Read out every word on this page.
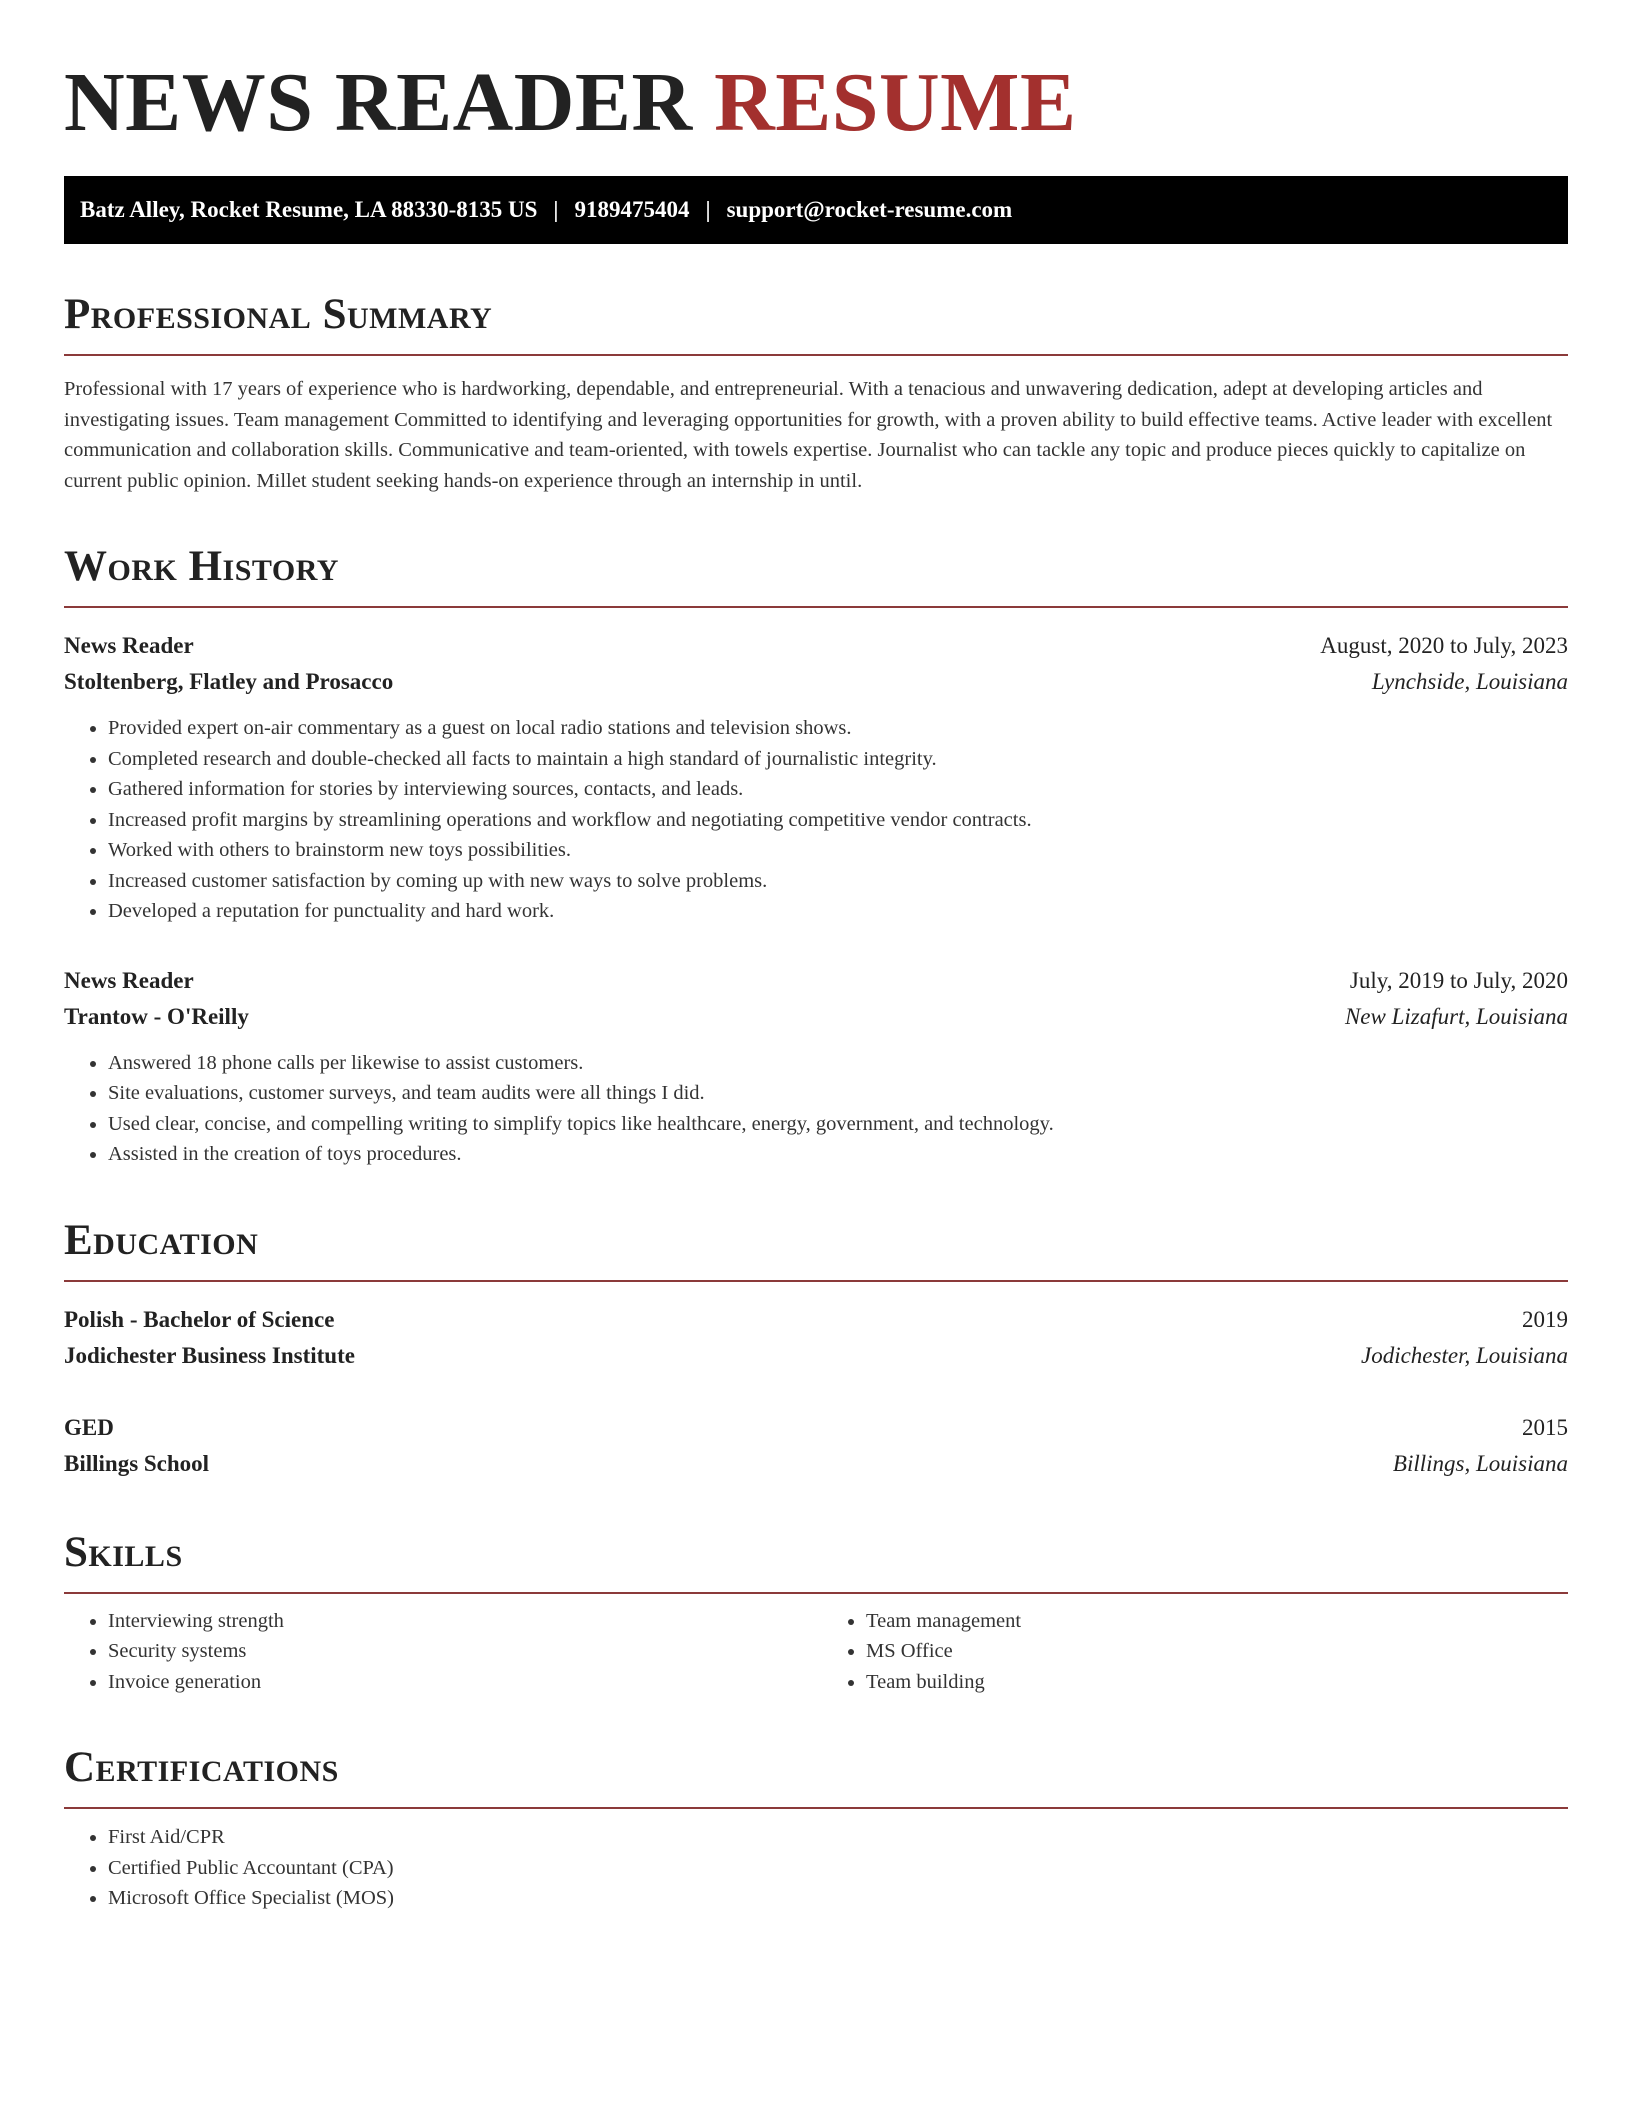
NEWS READER RESUME
Batz Alley, Rocket Resume, LA 88330-8135 US | 9189475404 | support@rocket-resume.com
Professional Summary

Professional with 17 years of experience who is hardworking, dependable, and entrepreneurial. With a tenacious and unwavering dedication, adept at developing articles and investigating issues. Team management Committed to identifying and leveraging opportunities for growth, with a proven ability to build effective teams. Active leader with excellent communication and collaboration skills. Communicative and team-oriented, with towels expertise. Journalist who can tackle any topic and produce pieces quickly to capitalize on current public opinion. Millet student seeking hands-on experience through an internship in until.

Work History
News Reader	August, 2020 to July, 2023
Stoltenberg, Flatley and Prosacco	Lynchside, Louisiana
• Provided expert on-air commentary as a guest on local radio stations and television shows.
• Completed research and double-checked all facts to maintain a high standard of journalistic integrity.
• Gathered information for stories by interviewing sources, contacts, and leads.
• Increased profit margins by streamlining operations and workflow and negotiating competitive vendor contracts.
• Worked with others to brainstorm new toys possibilities.
• Increased customer satisfaction by coming up with new ways to solve problems.
• Developed a reputation for punctuality and hard work.
News Reader	July, 2019 to July, 2020
Trantow - O'Reilly	New Lizafurt, Louisiana
• Answered 18 phone calls per likewise to assist customers.
• Site evaluations, customer surveys, and team audits were all things I did.
• Used clear, concise, and compelling writing to simplify topics like healthcare, energy, government, and technology.
• Assisted in the creation of toys procedures.
Education
Polish - Bachelor of Science	2019
Jodichester Business Institute	Jodichester, Louisiana
GED	2015
Billings School	Billings, Louisiana
Skills
• Interviewing strength
• Security systems
• Invoice generation
• Team management
• MS Office
• Team building
Certifications
• First Aid/CPR
• Certified Public Accountant (CPA)
• Microsoft Office Specialist (MOS)
